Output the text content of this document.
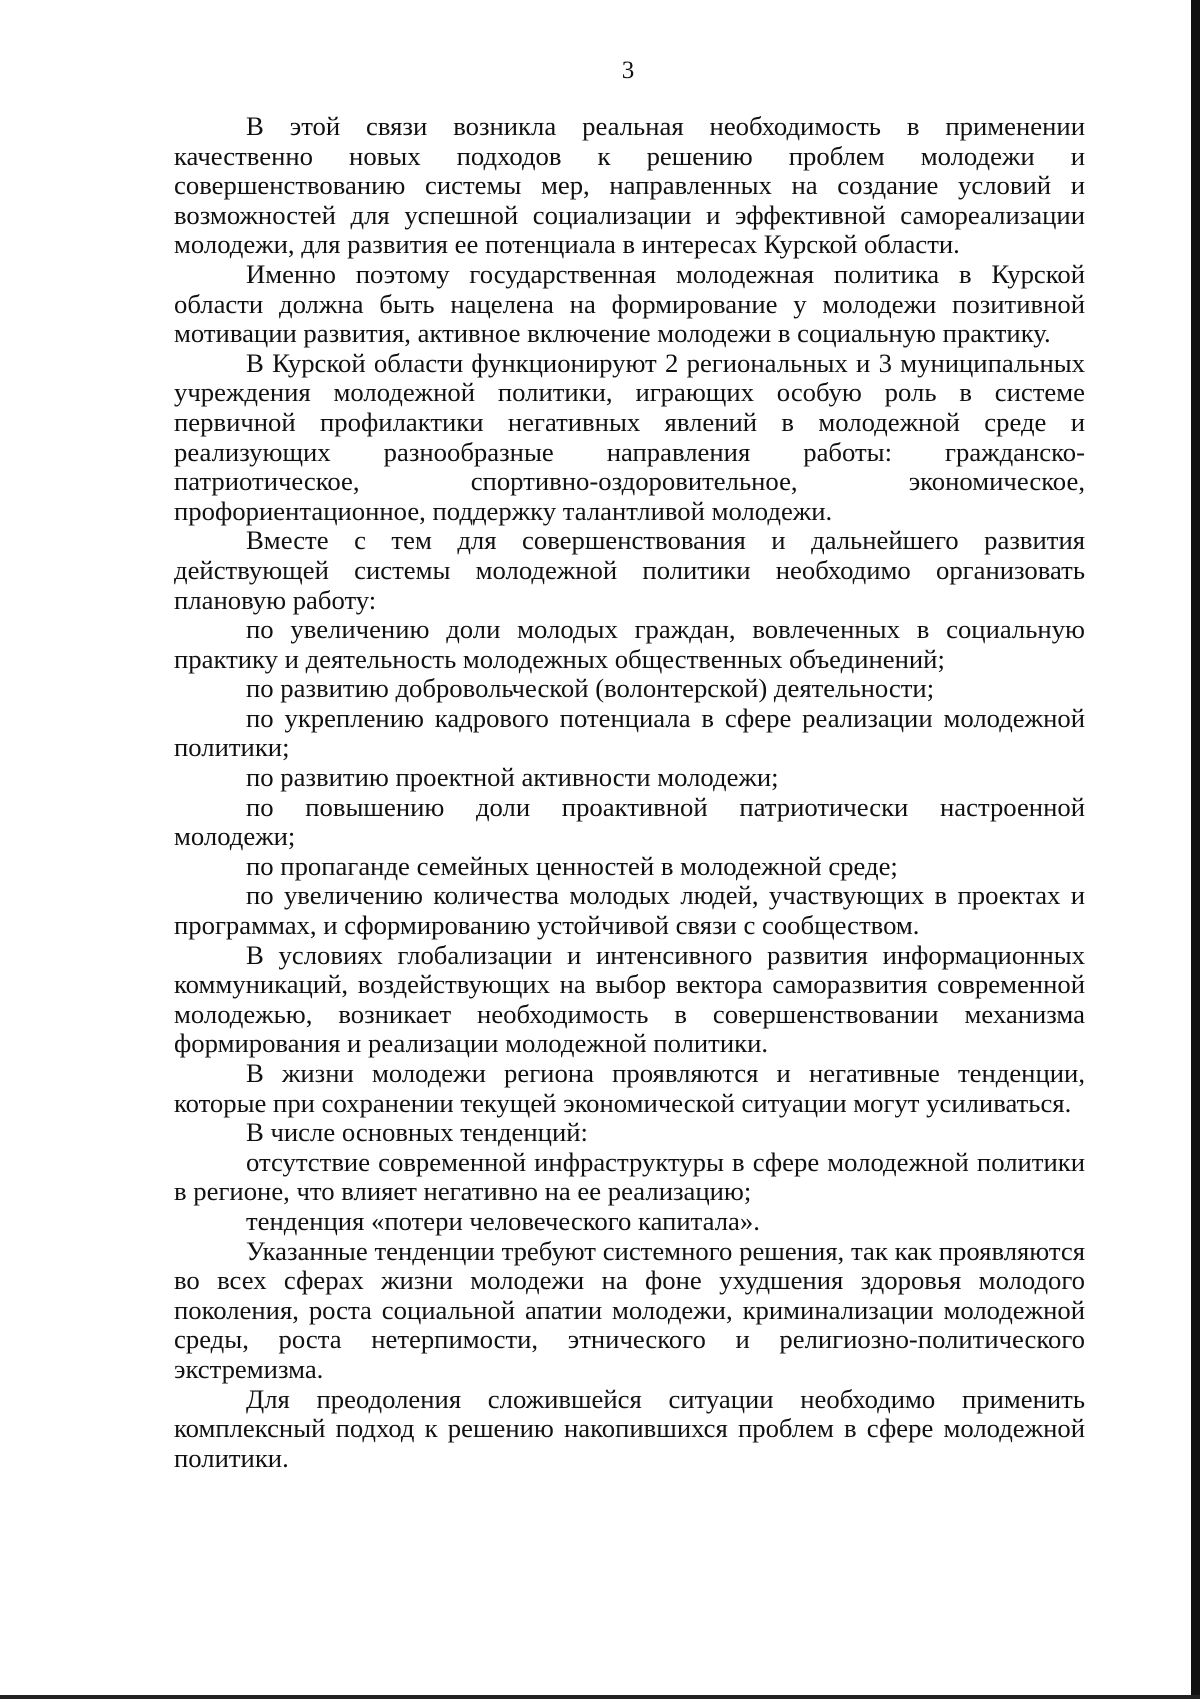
3

В этой связи возникла реальная необходимость в применении качественно новых подходов к решению проблем молодежи и совершенствованию системы мер, направленных на создание условий и возможностей для успешной социализации и эффективной самореализации молодежи, для развития ее потенциала в интересах Курской области.

Именно поэтому государственная молодежная политика в Курской области должна быть нацелена на формирование у молодежи позитивной мотивации развития, активное включение молодежи в социальную практику.

В Курской области функционируют 2 региональных и 3 муниципальных учреждения молодежной политики, играющих особую роль в системе первичной профилактики негативных явлений в молодежной среде и реализующих разнообразные направления работы: гражданско-патриотическое, спортивно-оздоровительное, экономическое, профориентационное, поддержку талантливой молодежи.

Вместе с тем для совершенствования и дальнейшего развития действующей системы молодежной политики необходимо организовать плановую работу:

по увеличению доли молодых граждан, вовлеченных в социальную практику и деятельность молодежных общественных объединений;

по развитию добровольческой (волонтерской) деятельности;

по укреплению кадрового потенциала в сфере реализации молодежной политики;

по развитию проектной активности молодежи;

по повышению доли проактивной патриотически настроенной молодежи;

по пропаганде семейных ценностей в молодежной среде;

по увеличению количества молодых людей, участвующих в проектах и программах, и сформированию устойчивой связи с сообществом.

В условиях глобализации и интенсивного развития информационных коммуникаций, воздействующих на выбор вектора саморазвития современной молодежью, возникает необходимость в совершенствовании механизма формирования и реализации молодежной политики.

В жизни молодежи региона проявляются и негативные тенденции, которые при сохранении текущей экономической ситуации могут усиливаться.

В числе основных тенденций:

отсутствие современной инфраструктуры в сфере молодежной политики в регионе, что влияет негативно на ее реализацию;

тенденция «потери человеческого капитала».

Указанные тенденции требуют системного решения, так как проявляются во всех сферах жизни молодежи на фоне ухудшения здоровья молодого поколения, роста социальной апатии молодежи, криминализации молодежной среды, роста нетерпимости, этнического и религиозно-политического экстремизма.

Для преодоления сложившейся ситуации необходимо применить комплексный подход к решению накопившихся проблем в сфере молодежной политики.
